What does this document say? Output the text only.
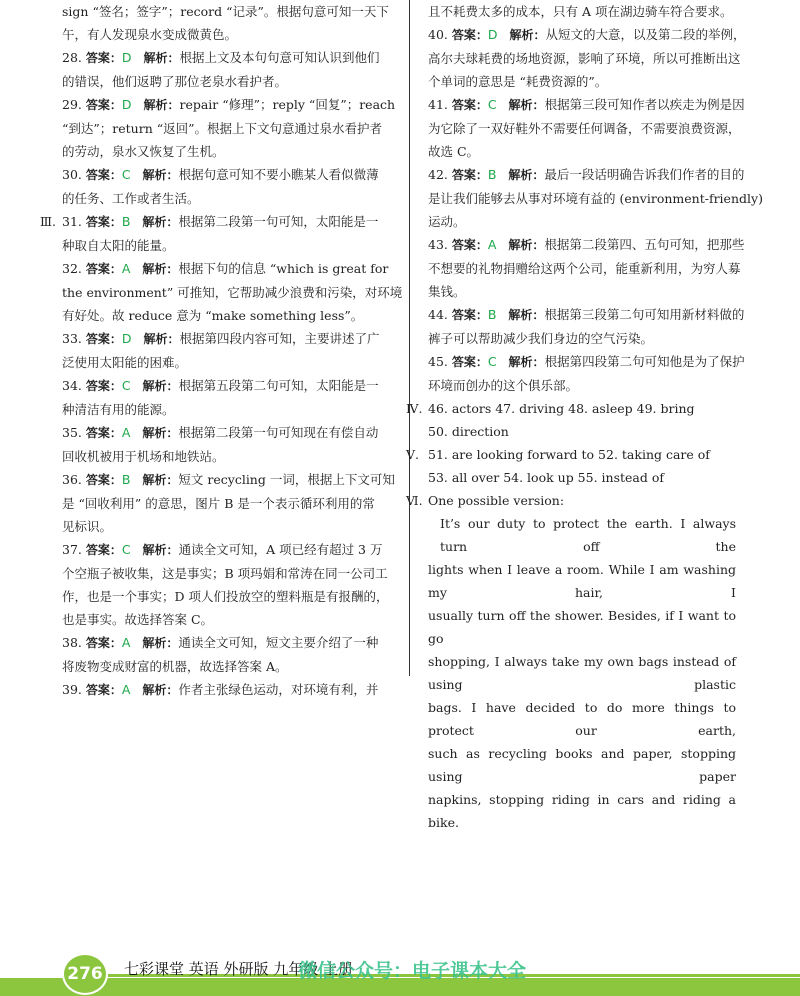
sign “签名；签字”；record “记录”。根据句意可知一天下
午，有人发现泉水变成微黄色。
28. 答案：D 解析：根据上文及本句句意可知认识到他们
的错误，他们返聘了那位老泉水看护者。
29. 答案：D 解析：repair “修理”；reply “回复”；reach
“到达”；return “返回”。根据上下文句意通过泉水看护者
的劳动，泉水又恢复了生机。
30. 答案：C 解析：根据句意可知不要小瞧某人看似微薄
的任务、工作或者生活。
Ⅲ. 31. 答案：B 解析：根据第二段第一句可知，太阳能是一
种取自太阳的能量。
32. 答案：A 解析：根据下句的信息 “which is great for
the environment” 可推知，它帮助减少浪费和污染，对环境
有好处。故 reduce 意为 “make something less”。
33. 答案：D 解析：根据第四段内容可知，主要讲述了广
泛使用太阳能的困难。
34. 答案：C 解析：根据第五段第二句可知，太阳能是一
种清洁有用的能源。
35. 答案：A 解析：根据第二段第一句可知现在有偿自动
回收机被用于机场和地铁站。
36. 答案：B 解析：短文 recycling 一词，根据上下文可知
是 “回收利用” 的意思，图片 B 是一个表示循环利用的常
见标识。
37. 答案：C 解析：通读全文可知，A 项已经有超过 3 万
个空瓶子被收集，这是事实；B 项玛娟和常涛在同一公司工
作，也是一个事实；D 项人们投放空的塑料瓶是有报酬的，
也是事实。故选择答案 C。
38. 答案：A 解析：通读全文可知，短文主要介绍了一种
将废物变成财富的机器，故选择答案 A。
39. 答案：A 解析：作者主张绿色运动，对环境有利，并
且不耗费太多的成本，只有 A 项在湖边骑车符合要求。
40. 答案：D 解析：从短文的大意，以及第二段的举例，
高尔夫球耗费的场地资源，影响了环境，所以可推断出这
个单词的意思是 “耗费资源的”。
41. 答案：C 解析：根据第三段可知作者以疾走为例是因
为它除了一双好鞋外不需要任何调备，不需要浪费资源，
故选 C。
42. 答案：B 解析：最后一段话明确告诉我们作者的目的
是让我们能够去从事对环境有益的 (environment-friendly)
运动。
43. 答案：A 解析：根据第二段第四、五句可知，把那些
不想要的礼物捐赠给这两个公司，能重新利用，为穷人募
集钱。
44. 答案：B 解析：根据第三段第二句可知用新材料做的
裤子可以帮助减少我们身边的空气污染。
45. 答案：C 解析：根据第四段第二句可知他是为了保护
环境而创办的这个俱乐部。
Ⅳ. 46. actors 47. driving 48. asleep 49. bring
50. direction
Ⅴ. 51. are looking forward to 52. taking care of
53. all over 54. look up 55. instead of
Ⅵ. One possible version:
It’s our duty to protect the earth. I always turn off the
lights when I leave a room. While I am washing my hair, I
usually turn off the shower. Besides, if I want to go
shopping, I always take my own bags instead of using plastic
bags. I have decided to do more things to protect our earth,
such as recycling books and paper, stopping using paper
napkins, stopping riding in cars and riding a bike.
276	七彩课堂 英语 外研版 九年级 上册
微信公众号：电子课本大全
